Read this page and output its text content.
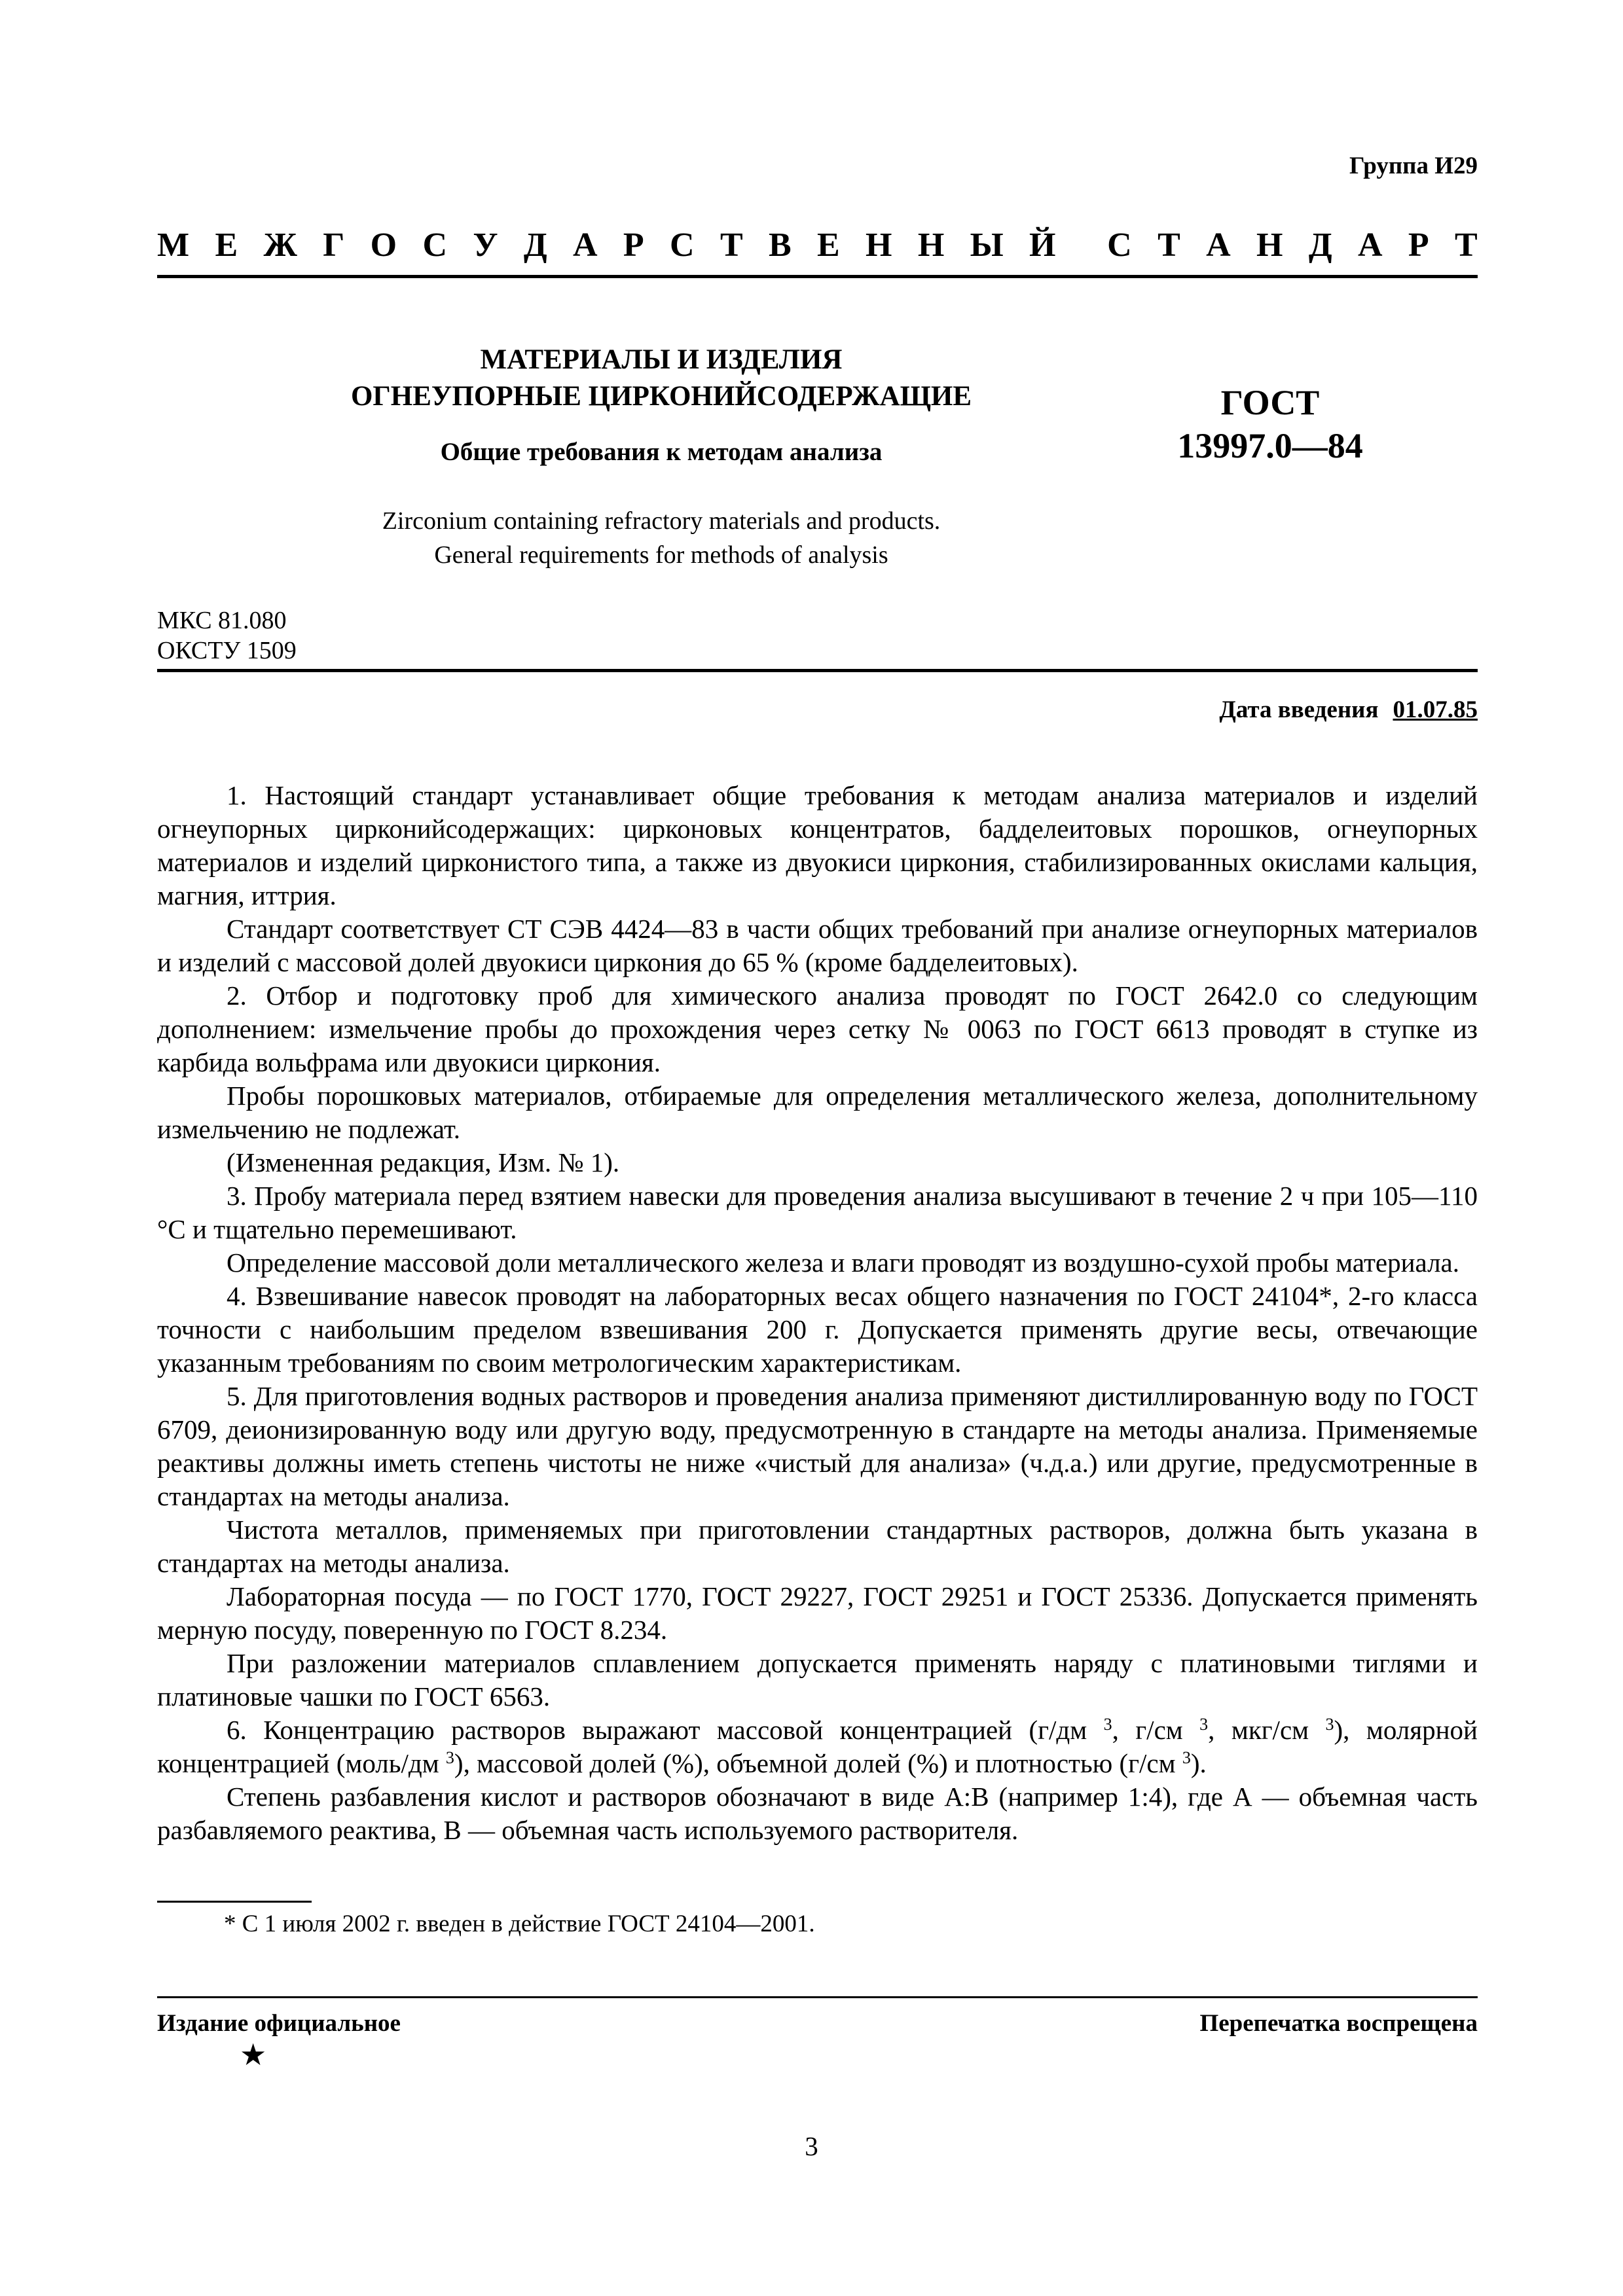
Группа И29
М Е Ж Г О С У Д А Р С Т В Е Н Н Ы Й С Т А Н Д А Р Т
МАТЕРИАЛЫ И ИЗДЕЛИЯ
ОГНЕУПОРНЫЕ ЦИРКОНИЙСОДЕРЖАЩИЕ
Общие требования к методам анализа
Zirconium containing refractory materials and products.
General requirements for methods of analysis
ГОСТ
13997.0—84
МКС 81.080
ОКСТУ 1509
Дата введения 01.07.85

1. Настоящий стандарт устанавливает общие требования к методам анализа материалов и изделий огнеупорных цирконийсодержащих: цирконовых концентратов, бадделеитовых порошков, огнеупорных материалов и изделий цирконистого типа, а также из двуокиси циркония, стабилизированных окислами кальция, магния, иттрия.

Стандарт соответствует СТ СЭВ 4424—83 в части общих требований при анализе огнеупорных материалов и изделий с массовой долей двуокиси циркония до 65 % (кроме бадделеитовых).

2. Отбор и подготовку проб для химического анализа проводят по ГОСТ 2642.0 со следующим дополнением: измельчение пробы до прохождения через сетку № 0063 по ГОСТ 6613 проводят в ступке из карбида вольфрама или двуокиси циркония.

Пробы порошковых материалов, отбираемые для определения металлического железа, дополнительному измельчению не подлежат.

(Измененная редакция, Изм. № 1).

3. Пробу материала перед взятием навески для проведения анализа высушивают в течение 2 ч при 105—110 °С и тщательно перемешивают.

Определение массовой доли металлического железа и влаги проводят из воздушно-сухой пробы материала.

4. Взвешивание навесок проводят на лабораторных весах общего назначения по ГОСТ 24104*, 2-го класса точности с наибольшим пределом взвешивания 200 г. Допускается применять другие весы, отвечающие указанным требованиям по своим метрологическим характеристикам.

5. Для приготовления водных растворов и проведения анализа применяют дистиллированную воду по ГОСТ 6709, деионизированную воду или другую воду, предусмотренную в стандарте на методы анализа. Применяемые реактивы должны иметь степень чистоты не ниже «чистый для анализа» (ч.д.а.) или другие, предусмотренные в стандартах на методы анализа.

Чистота металлов, применяемых при приготовлении стандартных растворов, должна быть указана в стандартах на методы анализа.

Лабораторная посуда — по ГОСТ 1770, ГОСТ 29227, ГОСТ 29251 и ГОСТ 25336. Допускается применять мерную посуду, поверенную по ГОСТ 8.234.

При разложении материалов сплавлением допускается применять наряду с платиновыми тиглями и платиновые чашки по ГОСТ 6563.

6. Концентрацию растворов выражают массовой концентрацией (г/дм $^3$, г/см $^3$, мкг/см $^3$), молярной концентрацией (моль/дм $^3$), массовой долей (%), объемной долей (%) и плотностью (г/см $^3$).

Степень разбавления кислот и растворов обозначают в виде А:В (например 1:4), где А — объемная часть разбавляемого реактива, В — объемная часть используемого растворителя.

* С 1 июля 2002 г. введен в действие ГОСТ 24104—2001.
Издание официальное	Перепечатка воспрещена
★
3
